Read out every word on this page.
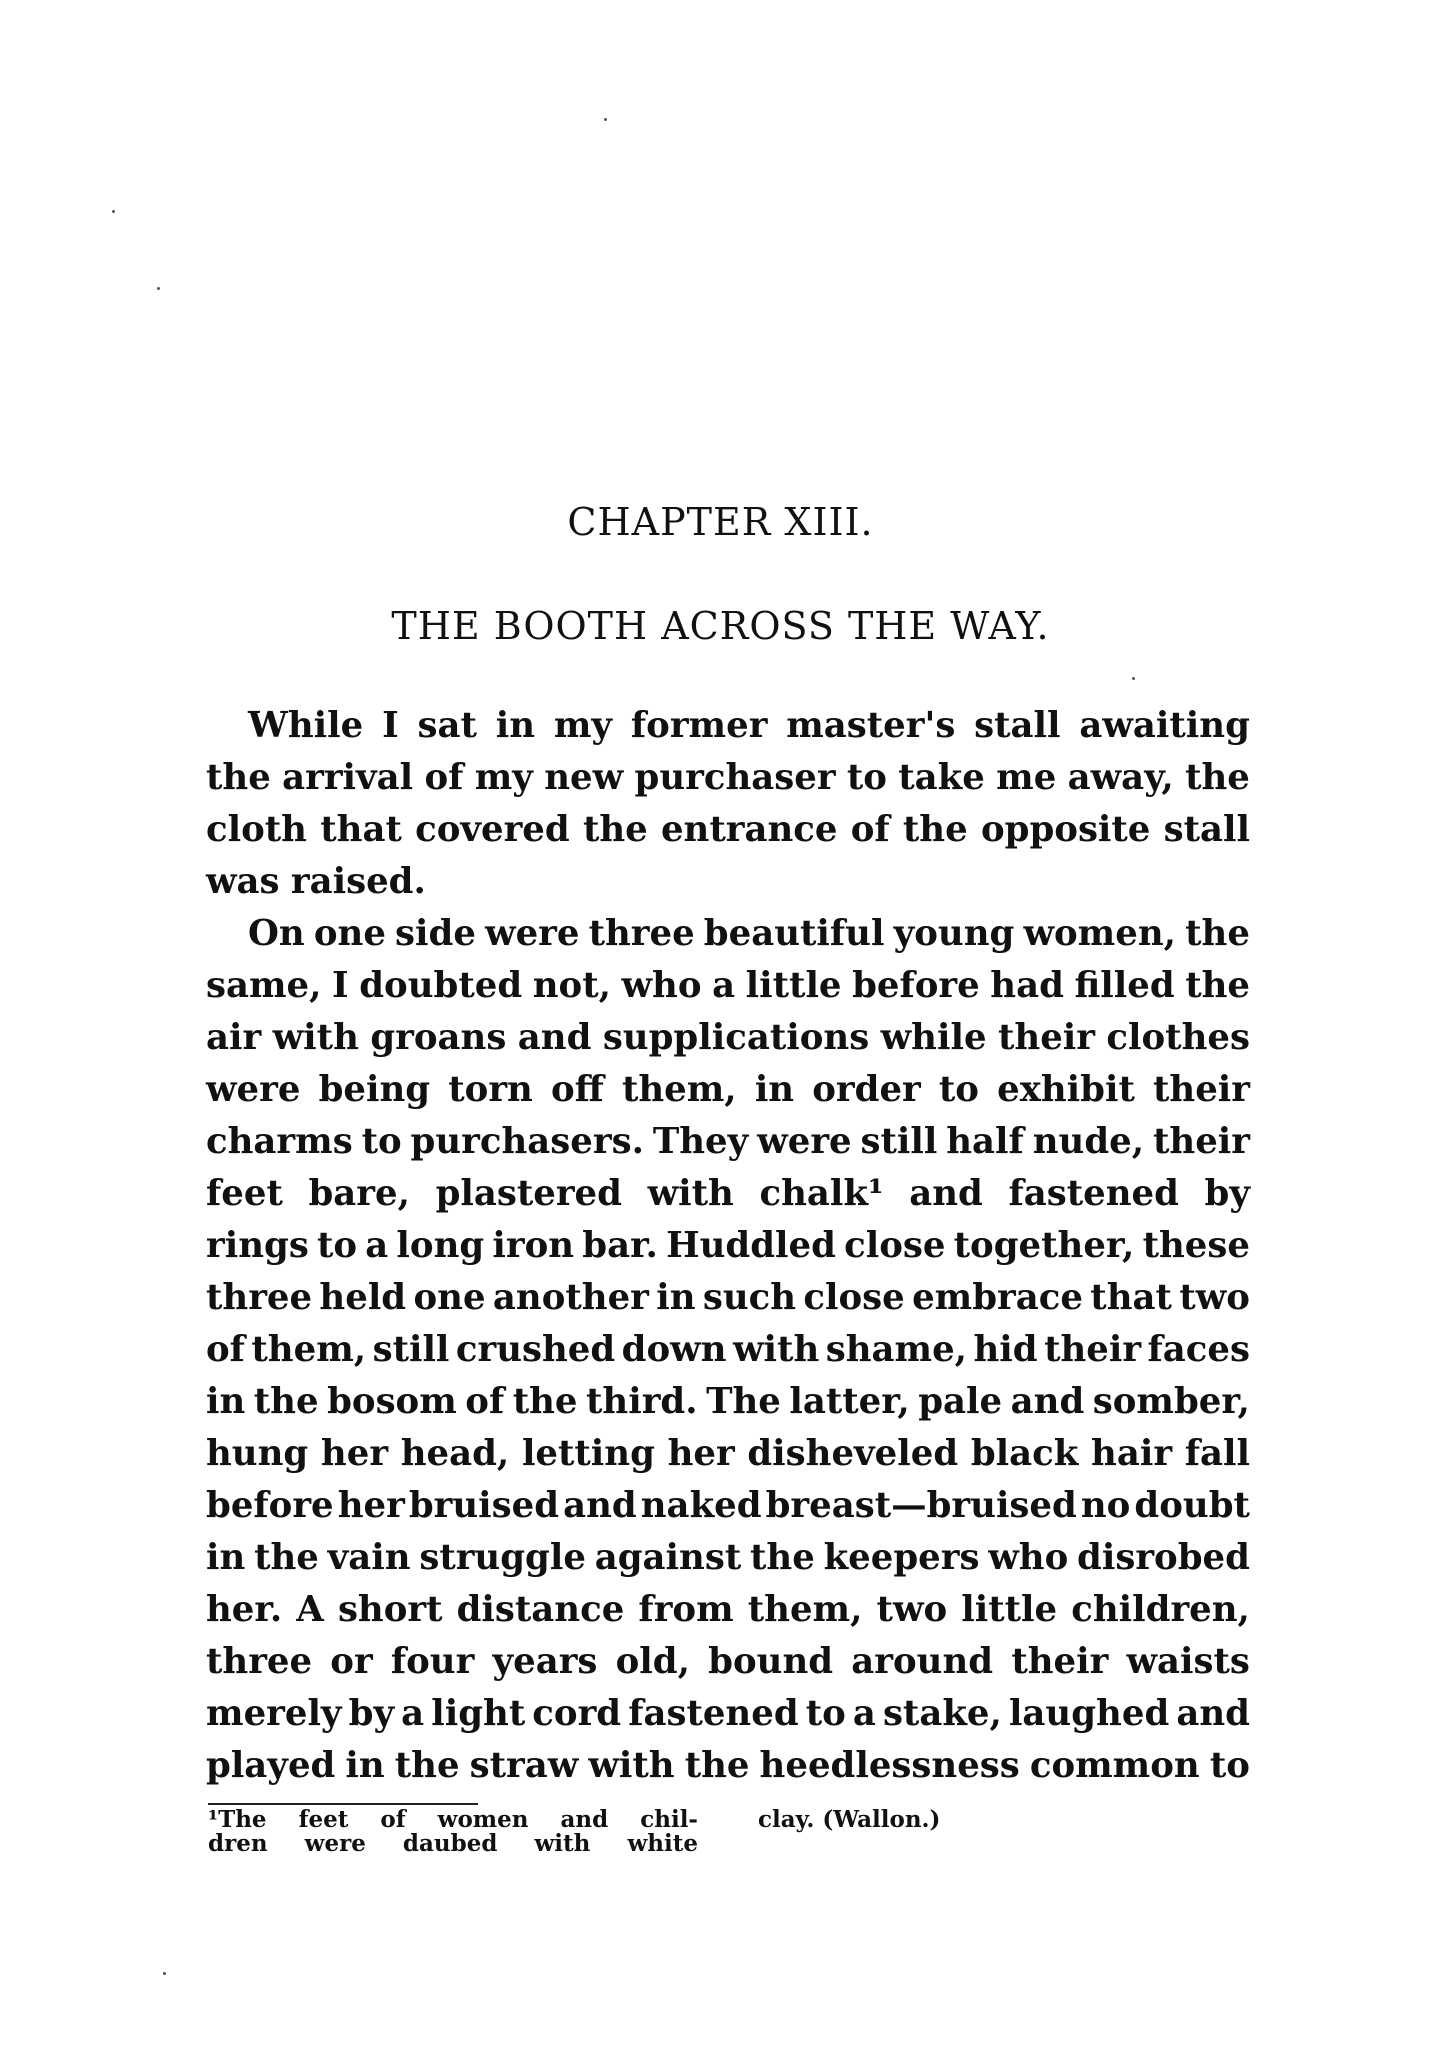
CHAPTER XIII.
THE BOOTH ACROSS THE WAY.
While I sat in my former master's stall awaiting
the arrival of my new purchaser to take me away, the
cloth that covered the entrance of the opposite stall
was raised.
On one side were three beautiful young women, the
same, I doubted not, who a little before had filled the
air with groans and supplications while their clothes
were being torn off them, in order to exhibit their
charms to purchasers. They were still half nude, their
feet bare, plastered with chalk¹ and fastened by
rings to a long iron bar. Huddled close together, these
three held one another in such close embrace that two
of them, still crushed down with shame, hid their faces
in the bosom of the third. The latter, pale and somber,
hung her head, letting her disheveled black hair fall
before her bruised and naked breast—bruised no doubt
in the vain struggle against the keepers who disrobed
her. A short distance from them, two little children,
three or four years old, bound around their waists
merely by a light cord fastened to a stake, laughed and
played in the straw with the heedlessness common to
¹The feet of women and chil-	clay. (Wallon.)
dren were daubed with white
